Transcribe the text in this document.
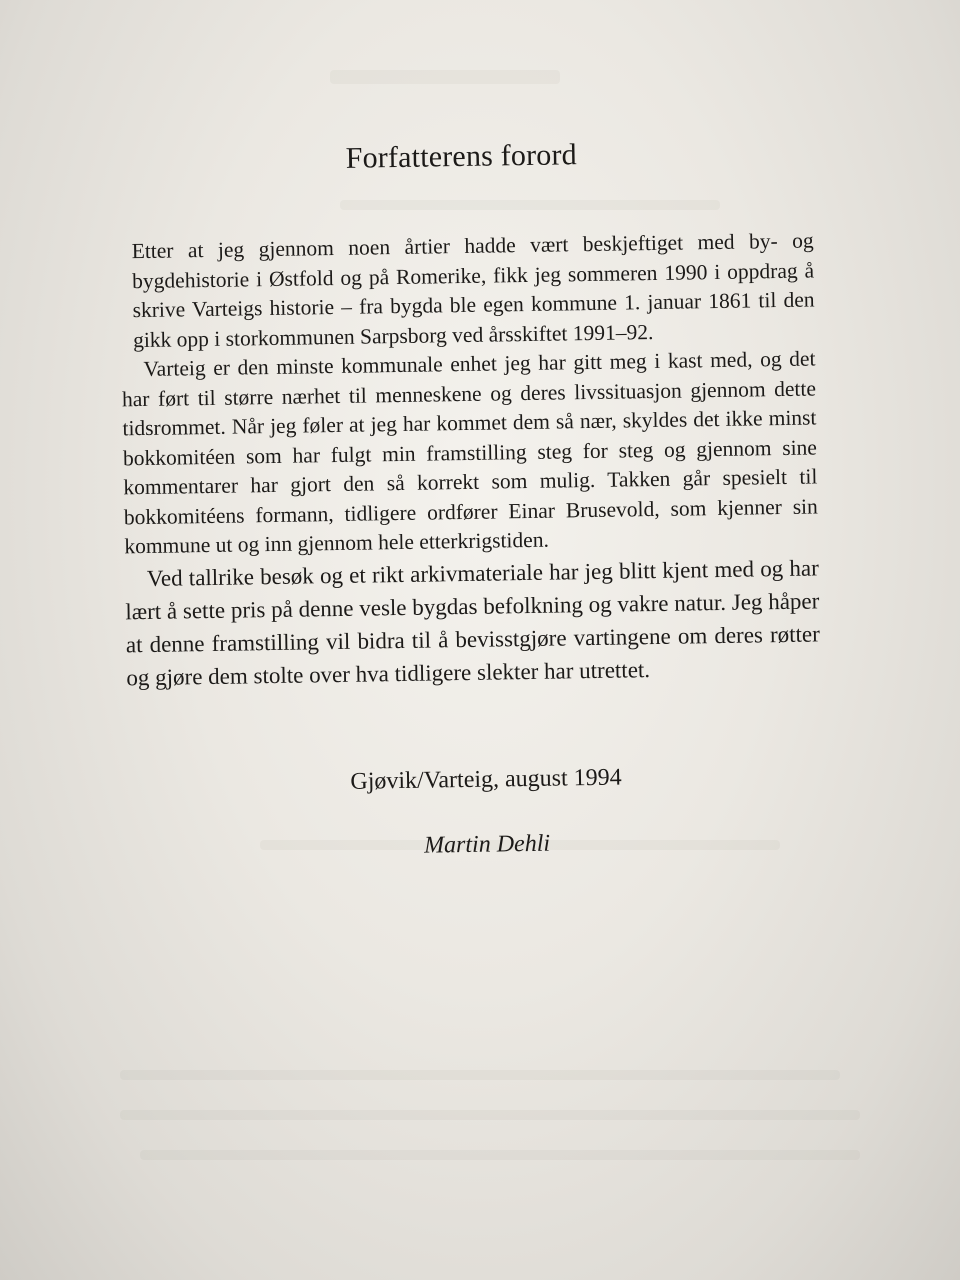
Forfatterens forord

Etter at jeg gjennom noen årtier hadde vært beskjeftiget med by- og bygdehistorie i Østfold og på Romerike, fikk jeg sommeren 1990 i oppdrag å skrive Varteigs historie – fra bygda ble egen kommune 1. januar 1861 til den gikk opp i storkommunen Sarpsborg ved årsskiftet 1991–92.

Varteig er den minste kommunale enhet jeg har gitt meg i kast med, og det har ført til større nærhet til menneskene og deres livssituasjon gjennom dette tidsrommet. Når jeg føler at jeg har kommet dem så nær, skyldes det ikke minst bokkomitéen som har fulgt min framstilling steg for steg og gjennom sine kommentarer har gjort den så korrekt som mulig. Takken går spesielt til bokkomitéens formann, tidligere ordfører Einar Brusevold, som kjenner sin kommune ut og inn gjennom hele etterkrigstiden.

Ved tallrike besøk og et rikt arkivmateriale har jeg blitt kjent med og har lært å sette pris på denne vesle bygdas befolkning og vakre natur. Jeg håper at denne framstilling vil bidra til å bevisstgjøre vartingene om deres røtter og gjøre dem stolte over hva tidligere slekter har utrettet.

Gjøvik/Varteig, august 1994

Martin Dehli
